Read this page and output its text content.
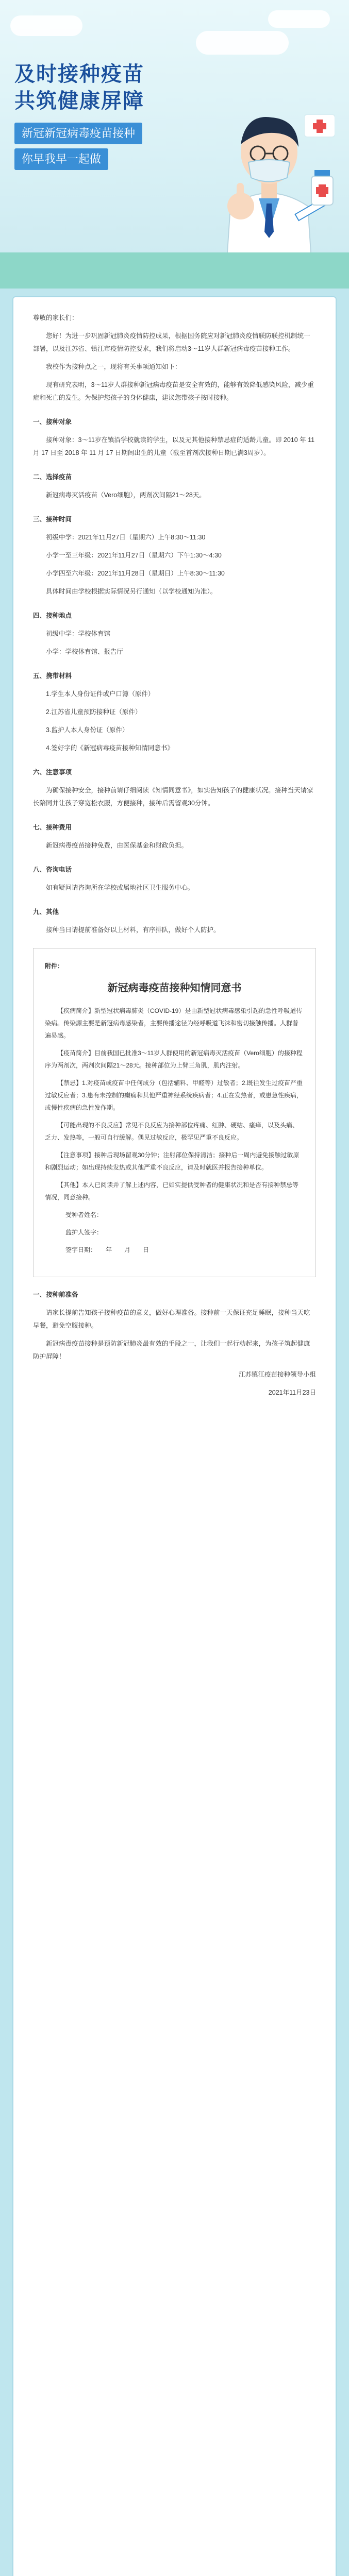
及时接种疫苗
共筑健康屏障
新冠新冠病毒疫苗接种
你早我早一起做

尊敬的家长们：

您好！为进一步巩固新冠肺炎疫情防控成果，根据国务院应对新冠肺炎疫情联防联控机制统一部署，以及江苏省、镇江市疫情防控要求，我们将启动3～11岁人群新冠病毒疫苗接种工作。

我校作为接种点之一，现将有关事项通知如下：

现有研究表明，3～11岁人群接种新冠病毒疫苗是安全有效的，能够有效降低感染风险，减少重症和死亡的发生。为保护您孩子的身体健康，建议您带孩子按时接种。

一、接种对象

接种对象：3～11岁在镇沿学校就读的学生，以及无其他接种禁忌症的适龄儿童。即 2010 年 11 月 17 日至 2018 年 11 月 17 日期间出生的儿童（截至首剂次接种日期已满3周岁）。

二、选择疫苗

新冠病毒灭活疫苗（Vero细胞），两剂次间隔21～28天。

三、接种时间

初级中学：2021年11月27日（星期六）上午8:30～11:30

小学一至三年级：2021年11月27日（星期六）下午1:30～4:30

小学四至六年级：2021年11月28日（星期日）上午8:30～11:30

具体时间由学校根据实际情况另行通知（以学校通知为准）。

四、接种地点

初级中学：学校体育馆

小学：学校体育馆、报告厅

五、携带材料

1.学生本人身份证件或户口簿（原件）

2.江苏省儿童预防接种证（原件）

3.监护人本人身份证（原件）

4.签好字的《新冠病毒疫苗接种知情同意书》

六、注意事项

为确保接种安全，接种前请仔细阅读《知情同意书》，如实告知孩子的健康状况。接种当天请家长陪同并让孩子穿宽松衣服，方便接种，接种后需留观30分钟。

七、接种费用

新冠病毒疫苗接种免费，由医保基金和财政负担。

八、咨询电话

如有疑问请咨询所在学校或属地社区卫生服务中心。

九、其他

接种当日请提前准备好以上材料，有序排队，做好个人防护。

附件：

新冠病毒疫苗接种知情同意书

【疾病简介】新型冠状病毒肺炎（COVID-19）是由新型冠状病毒感染引起的急性呼吸道传染病。传染源主要是新冠病毒感染者，主要传播途径为经呼吸道飞沫和密切接触传播。人群普遍易感。

【疫苗简介】目前我国已批准3～11岁人群使用的新冠病毒灭活疫苗（Vero细胞）的接种程序为两剂次，两剂次间隔21～28天。接种部位为上臂三角肌，肌内注射。

【禁忌】1.对疫苗或疫苗中任何成分（包括辅料、甲醛等）过敏者；2.既往发生过疫苗严重过敏反应者；3.患有未控制的癫痫和其他严重神经系统疾病者；4.正在发热者，或患急性疾病，或慢性疾病的急性发作期。

【可能出现的不良反应】常见不良反应为接种部位疼痛、红肿、硬结、瘙痒，以及头痛、乏力、发热等，一般可自行缓解。偶见过敏反应，极罕见严重不良反应。

【注意事项】接种后现场留观30分钟；注射部位保持清洁；接种后一周内避免接触过敏原和剧烈运动；如出现持续发热或其他严重不良反应，请及时就医并报告接种单位。

【其他】本人已阅读并了解上述内容，已如实提供受种者的健康状况和是否有接种禁忌等情况，同意接种。

受种者姓名：

监护人签字：

签字日期：　　年　　月　　日

一、接种前准备

请家长提前告知孩子接种疫苗的意义，做好心理准备。接种前一天保证充足睡眠，接种当天吃早餐，避免空腹接种。

新冠病毒疫苗接种是预防新冠肺炎最有效的手段之一，让我们一起行动起来，为孩子筑起健康防护屏障！

江苏镇江疫苗接种领导小组

2021年11月23日
